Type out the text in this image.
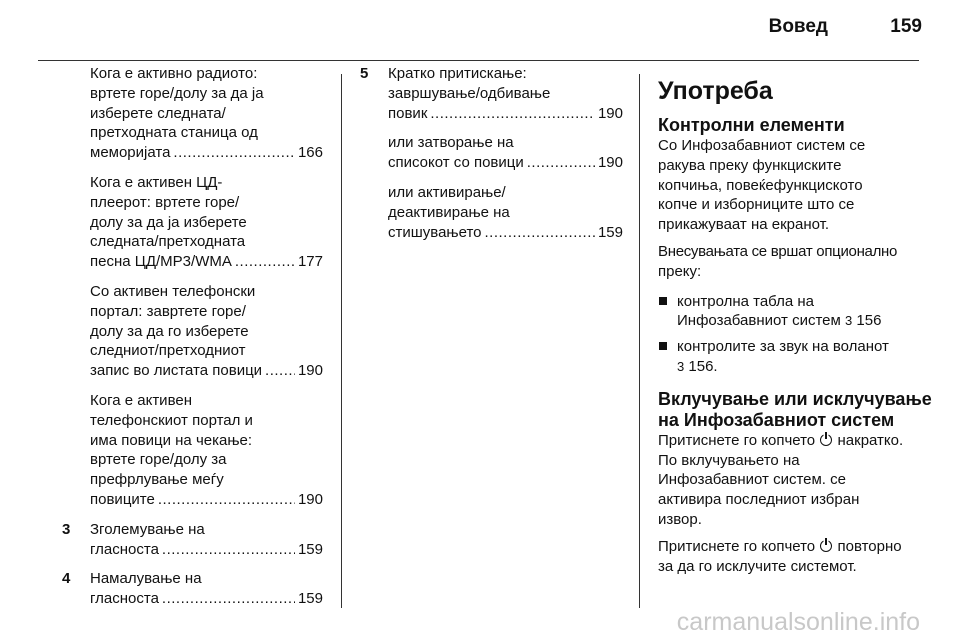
Вовед	159
Кога е активно радиото:
вртете горе/долу за да ја
изберете следната/
претходната станица од
меморијата .....	166
Кога е активен ЦД-
плеерот: вртете горе/
долу за да ја изберете
следната/претходната
песна ЦД/MP3/WMA .....	177
Со активен телефонски
портал: завртете горе/
долу за да го изберете
следниот/претходниот
запис во листата повици ..... 190
Кога е активен
телефонскиот портал и
има повици на чекање:
вртете горе/долу за
префрлување меѓу
повиците .....	190
3 Зголемување на
гласноста .....	159
4 Намалување на
гласноста .....	159
5 Кратко притискање:
завршување/одбивање
повик .....	190
или затворање на
списокот со повици .....	190
или активирање/
деактивирање на
стишувањето .....	159
Употреба
Контролни елементи
Со Инфозабавниот систем се
ракува преку функциските
копчиња, повеќефункциското
копче и изборниците што се
прикажуваат на екранот.
Внесувањата се вршат опционално
преку:
контролна табла на
Инфозабавниот систем 3 156
контролите за звук на воланот
3 156.
Вклучување или исклучување
на Инфозабавниот систем
Притиснете го копчето накратко.
По вклучувањето на
Инфозабавниот систем. се
активира последниот избран
извор.
Притиснете го копчето повторно
за да го исклучите системот.
carmanualsonline.info
